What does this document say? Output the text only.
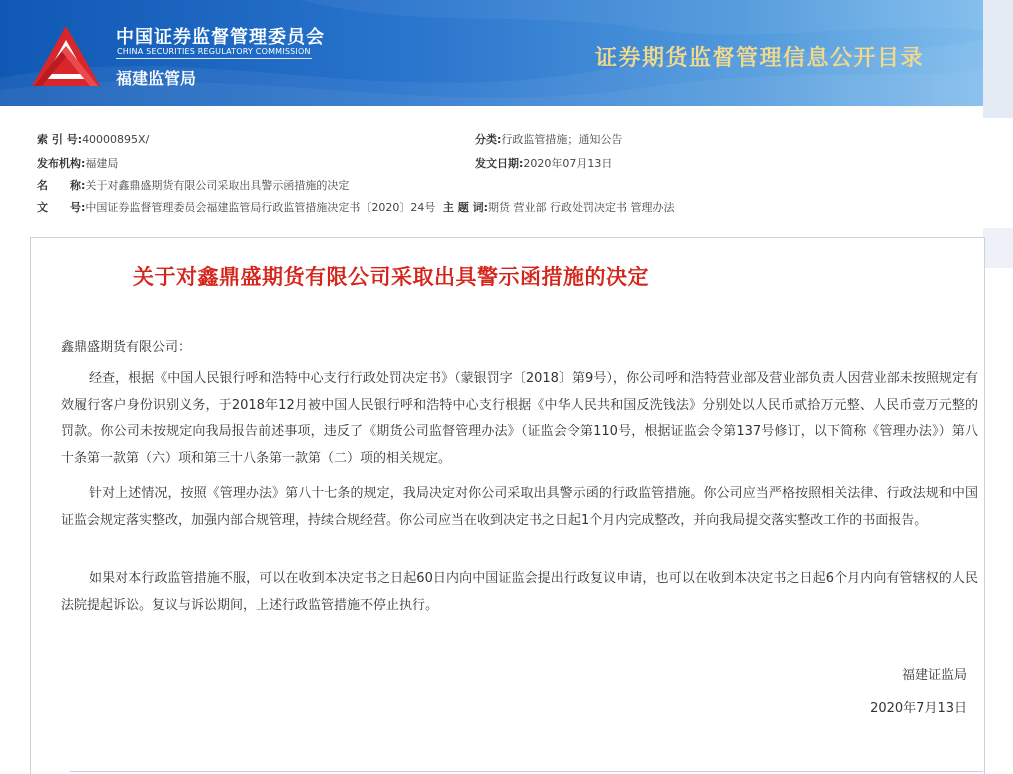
中国证券监督管理委员会
CHINA SECURITIES REGULATORY COMMISSION
福建监管局
证券期货监督管理信息公开目录
索 引 号:40000895X/	分类:行政监管措施；通知公告
发布机构:福建局	发文日期:2020年07月13日
名　　称:关于对鑫鼎盛期货有限公司采取出具警示函措施的决定
文　　号:中国证券监督管理委员会福建监管局行政监管措施决定书〔2020〕24号 主 题 词:期货 营业部 行政处罚决定书 管理办法
关于对鑫鼎盛期货有限公司采取出具警示函措施的决定
鑫鼎盛期货有限公司：
经查，根据《中国人民银行呼和浩特中心支行行政处罚决定书》（蒙银罚字〔2018〕第9号），你公司呼和浩特营业部及营业部负责人因营业部未按照规定有效履行客户身份识别义务，于2018年12月被中国人民银行呼和浩特中心支行根据《中华人民共和国反洗钱法》分别处以人民币贰拾万元整、人民币壹万元整的罚款。你公司未按规定向我局报告前述事项，违反了《期货公司监督管理办法》（证监会令第110号，根据证监会令第137号修订，以下简称《管理办法》）第八十条第一款第（六）项和第三十八条第一款第（二）项的相关规定。
针对上述情况，按照《管理办法》第八十七条的规定，我局决定对你公司采取出具警示函的行政监管措施。你公司应当严格按照相关法律、行政法规和中国证监会规定落实整改，加强内部合规管理，持续合规经营。你公司应当在收到决定书之日起1个月内完成整改，并向我局提交落实整改工作的书面报告。
如果对本行政监管措施不服，可以在收到本决定书之日起60日内向中国证监会提出行政复议申请，也可以在收到本决定书之日起6个月内向有管辖权的人民法院提起诉讼。复议与诉讼期间，上述行政监管措施不停止执行。
福建证监局
2020年7月13日
